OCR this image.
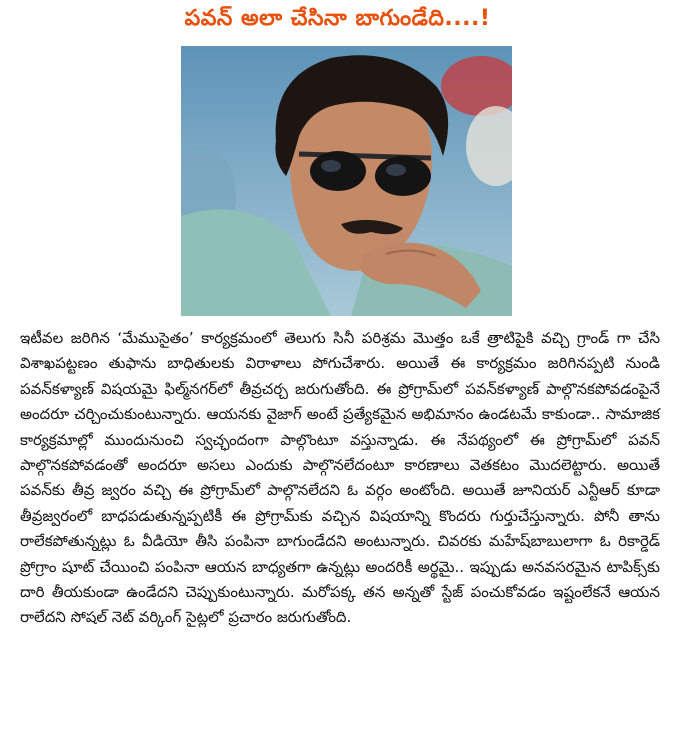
పవన్ అలా చేసినా బాగుండేది....!

ఇటీవల జరిగిన ‘మేముసైతం’ కార్యక్రమంలో తెలుగు సినీ పరిశ్రమ మొత్తం ఒకే త్రాటిపైకి వచ్చి గ్రాండ్ గా చేసి విశాఖపట్టణం తుఫాను బాధితులకు విరాళాలు పోగుచేశారు. అయితే ఈ కార్యక్రమం జరిగినప్పటి నుండి పవన్‌కళ్యాణ్ విషయమై ఫిల్మ్‌నగర్‌లో తీవ్రచర్చ జరుగుతోంది. ఈ ప్రోగ్రామ్‌లో పవన్‌కళ్యాణ్ పాల్గొనకపోవడంపైనే అందరూ చర్చించుకుంటున్నారు. ఆయనకు వైజాగ్ అంటే ప్రత్యేకమైన అభిమానం ఉండటమే కాకుండా.. సామాజిక కార్యక్రమాల్లో ముందునుంచి స్వచ్ఛందంగా పాల్గొంటూ వస్తున్నాడు. ఈ నేపథ్యంలో ఈ ప్రోగ్రామ్‌లో పవన్ పాల్గొనకపోవడంతో అందరూ అసలు ఎందుకు పాల్గొనలేదంటూ కారణాలు వెతకటం మొదలెట్టారు. అయితే పవన్‌కు తీవ్ర జ్వరం వచ్చి ఈ ప్రోగ్రామ్‌లో పాల్గొనలేదని ఓ వర్గం అంటోంది. అయితే జూనియర్ ఎన్టీఆర్ కూడా తీవ్రజ్వరంలో బాధపడుతున్నప్పటికీ ఈ ప్రోగ్రామ్‌కు వచ్చిన విషయాన్ని కొందరు గుర్తుచేస్తున్నారు. పోనీ తాను రాలేకపోతున్నట్లు ఓ వీడియో తీసి పంపినా బాగుండేదని అంటున్నారు. చివరకు మహేష్‌బాబులాగా ఓ రికార్డెడ్ ప్రోగ్రాం షూట్ చేయించి పంపినా ఆయన బాధ్యతగా ఉన్నట్లు అందరికీ అర్థమై.. ఇప్పుడు అనవసరమైన టాపిక్స్‌కు దారి తీయకుండా ఉండేదని చెప్పుకుంటున్నారు. మరోపక్క తన అన్నతో స్టేజ్ పంచుకోవడం ఇష్టంలేకనే ఆయన రాలేదని సోషల్ నెట్ వర్కింగ్ సైట్లలో ప్రచారం జరుగుతోంది.
